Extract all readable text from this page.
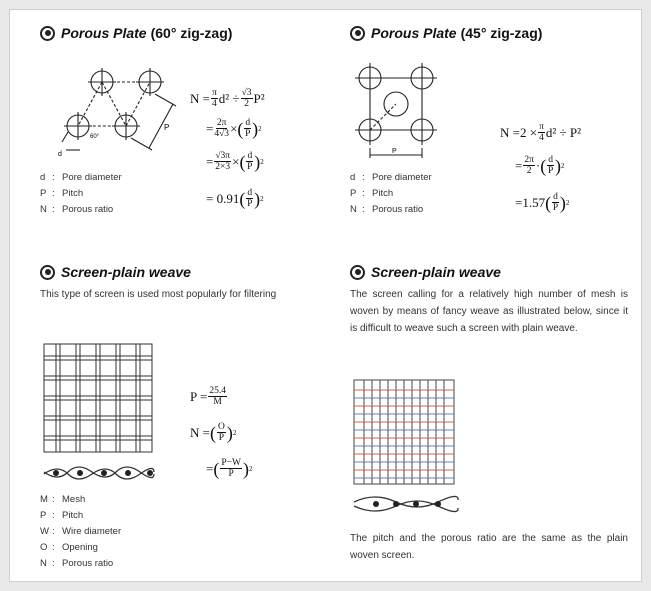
Porous Plate (60° zig-zag)
P
d
60°
$N = \frac{\pi}{4} d^2 \div \frac{√3}{2} P^2$
= $\frac{2\pi}{4√3}$ × ( $\frac{d}{P}$ ) 2
= $\frac{√3\pi}{2\times 3}$ × ( $\frac{d}{P}$ ) 2
= 0.91 ( $\frac{d}{P}$ ) 2
d : Pore diameter
P : Pitch
N : Porous ratio
Porous Plate (45° zig-zag)
P
$N =2 \times \frac{\pi}{4} d^2 \div P^2$
= $\frac{2\pi}{2}$ · ( $\frac{d}{P}$ ) 2
=1.57 ( $\frac{d}{P}$ ) 2
d : Pore diameter
P : Pitch
N : Porous ratio
Screen-plain weave
This type of screen is used most popularly for filtering
$P = \frac{25.4}{M}$
N = ( $\frac{O}{P}$ ) 2
= ( $\frac{P-W}{P}$ ) 2
M : Mesh
P : Pitch
W : Wire diameter
O : Opening
N : Porous ratio
Screen-plain weave
The screen calling for a relatively high number of mesh is woven by means of fancy weave as illustrated below, since it is difficult to weave such a screen with plain weave.
The pitch and the porous ratio are the same as the plain woven screen.
